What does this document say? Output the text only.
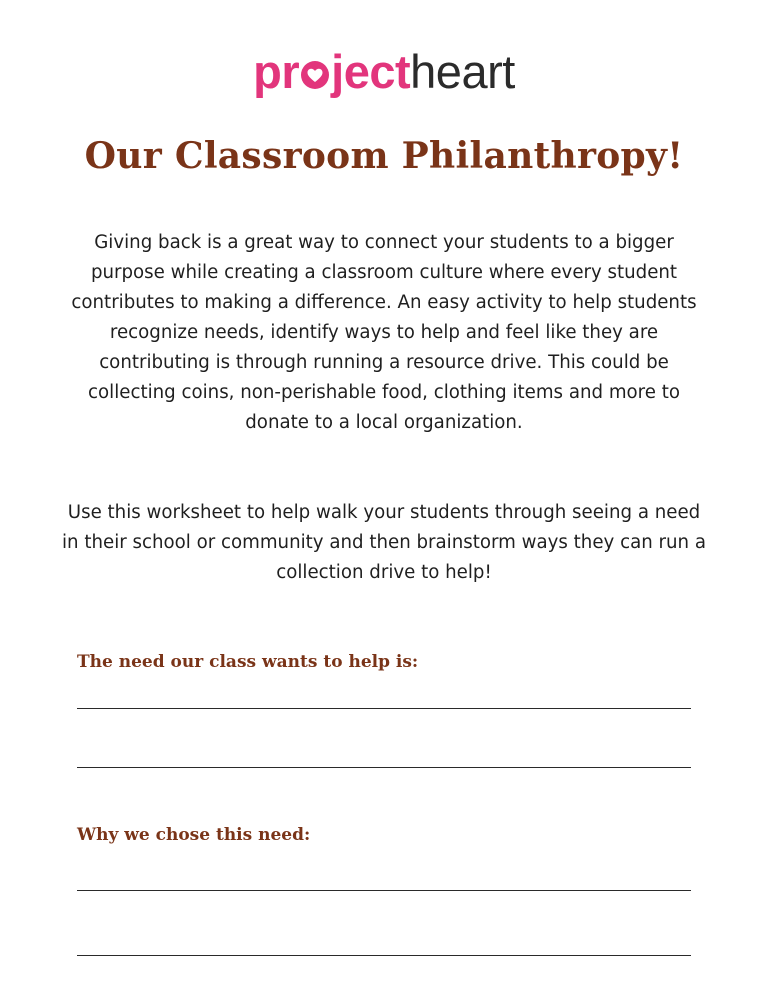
pr jectheart
Our Classroom Philanthropy!

Giving back is a great way to connect your students to a bigger purpose while creating a classroom culture where every student contributes to making a difference. An easy activity to help students recognize needs, identify ways to help and feel like they are contributing is through running a resource drive. This could be collecting coins, non-perishable food, clothing items and more to donate to a local organization.

Use this worksheet to help walk your students through seeing a need in their school or community and then brainstorm ways they can run a collection drive to help!

The need our class wants to help is:
Why we chose this need:
